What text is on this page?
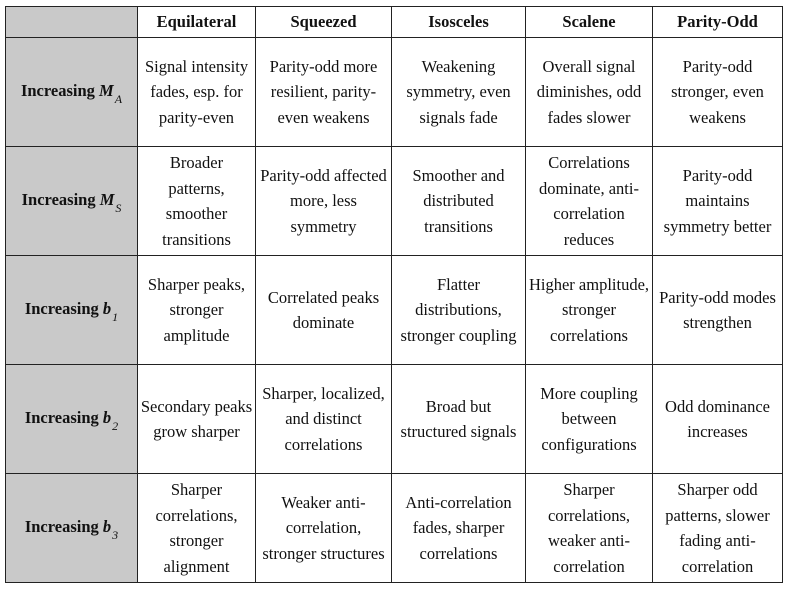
	Equilateral	Squeezed	Isosceles	Scalene	Parity-Odd
Increasing $M_A$	Signal intensity fades, esp. for parity-even	Parity-odd more resilient, parity-even weakens	Weakening symmetry, even signals fade	Overall signal diminishes, odd fades slower	Parity-odd stronger, even weakens
Increasing $M_S$	Broader patterns, smoother transitions	Parity-odd affected more, less symmetry	Smoother and distributed transitions	Correlations dominate, anti-correlation reduces	Parity-odd maintains symmetry better
Increasing $b_1$	Sharper peaks, stronger amplitude	Correlated peaks dominate	Flatter distributions, stronger coupling	Higher amplitude, stronger correlations	Parity-odd modes strengthen
Increasing $b_2$	Secondary peaks grow sharper	Sharper, localized, and distinct correlations	Broad but structured signals	More coupling between configurations	Odd dominance increases
Increasing $b_3$	Sharper correlations, stronger alignment	Weaker anti-correlation, stronger structures	Anti-correlation fades, sharper correlations	Sharper correlations, weaker anti-correlation	Sharper odd patterns, slower fading anti-correlation
